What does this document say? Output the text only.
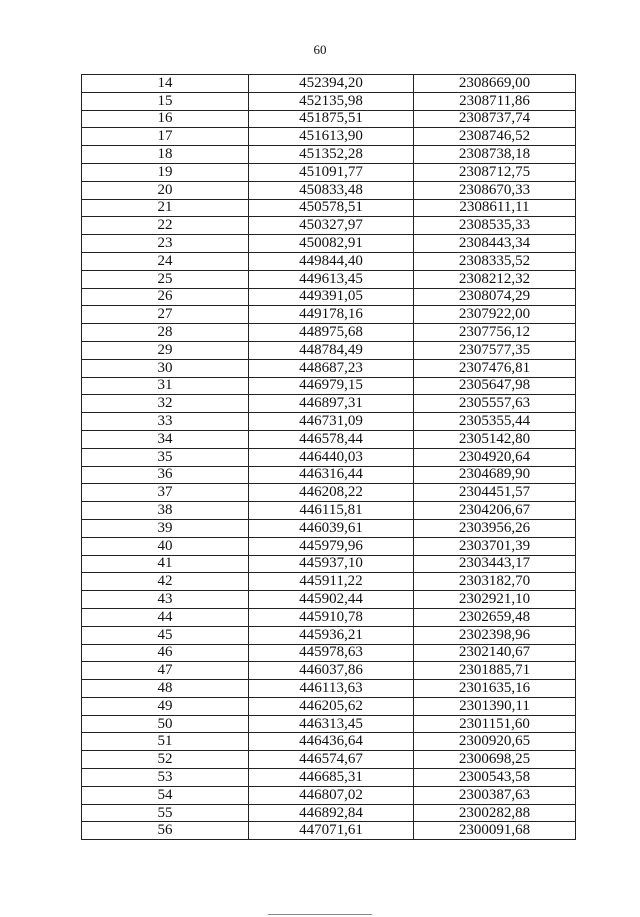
60
14	452394,20	2308669,00
15	452135,98	2308711,86
16	451875,51	2308737,74
17	451613,90	2308746,52
18	451352,28	2308738,18
19	451091,77	2308712,75
20	450833,48	2308670,33
21	450578,51	2308611,11
22	450327,97	2308535,33
23	450082,91	2308443,34
24	449844,40	2308335,52
25	449613,45	2308212,32
26	449391,05	2308074,29
27	449178,16	2307922,00
28	448975,68	2307756,12
29	448784,49	2307577,35
30	448687,23	2307476,81
31	446979,15	2305647,98
32	446897,31	2305557,63
33	446731,09	2305355,44
34	446578,44	2305142,80
35	446440,03	2304920,64
36	446316,44	2304689,90
37	446208,22	2304451,57
38	446115,81	2304206,67
39	446039,61	2303956,26
40	445979,96	2303701,39
41	445937,10	2303443,17
42	445911,22	2303182,70
43	445902,44	2302921,10
44	445910,78	2302659,48
45	445936,21	2302398,96
46	445978,63	2302140,67
47	446037,86	2301885,71
48	446113,63	2301635,16
49	446205,62	2301390,11
50	446313,45	2301151,60
51	446436,64	2300920,65
52	446574,67	2300698,25
53	446685,31	2300543,58
54	446807,02	2300387,63
55	446892,84	2300282,88
56	447071,61	2300091,68
